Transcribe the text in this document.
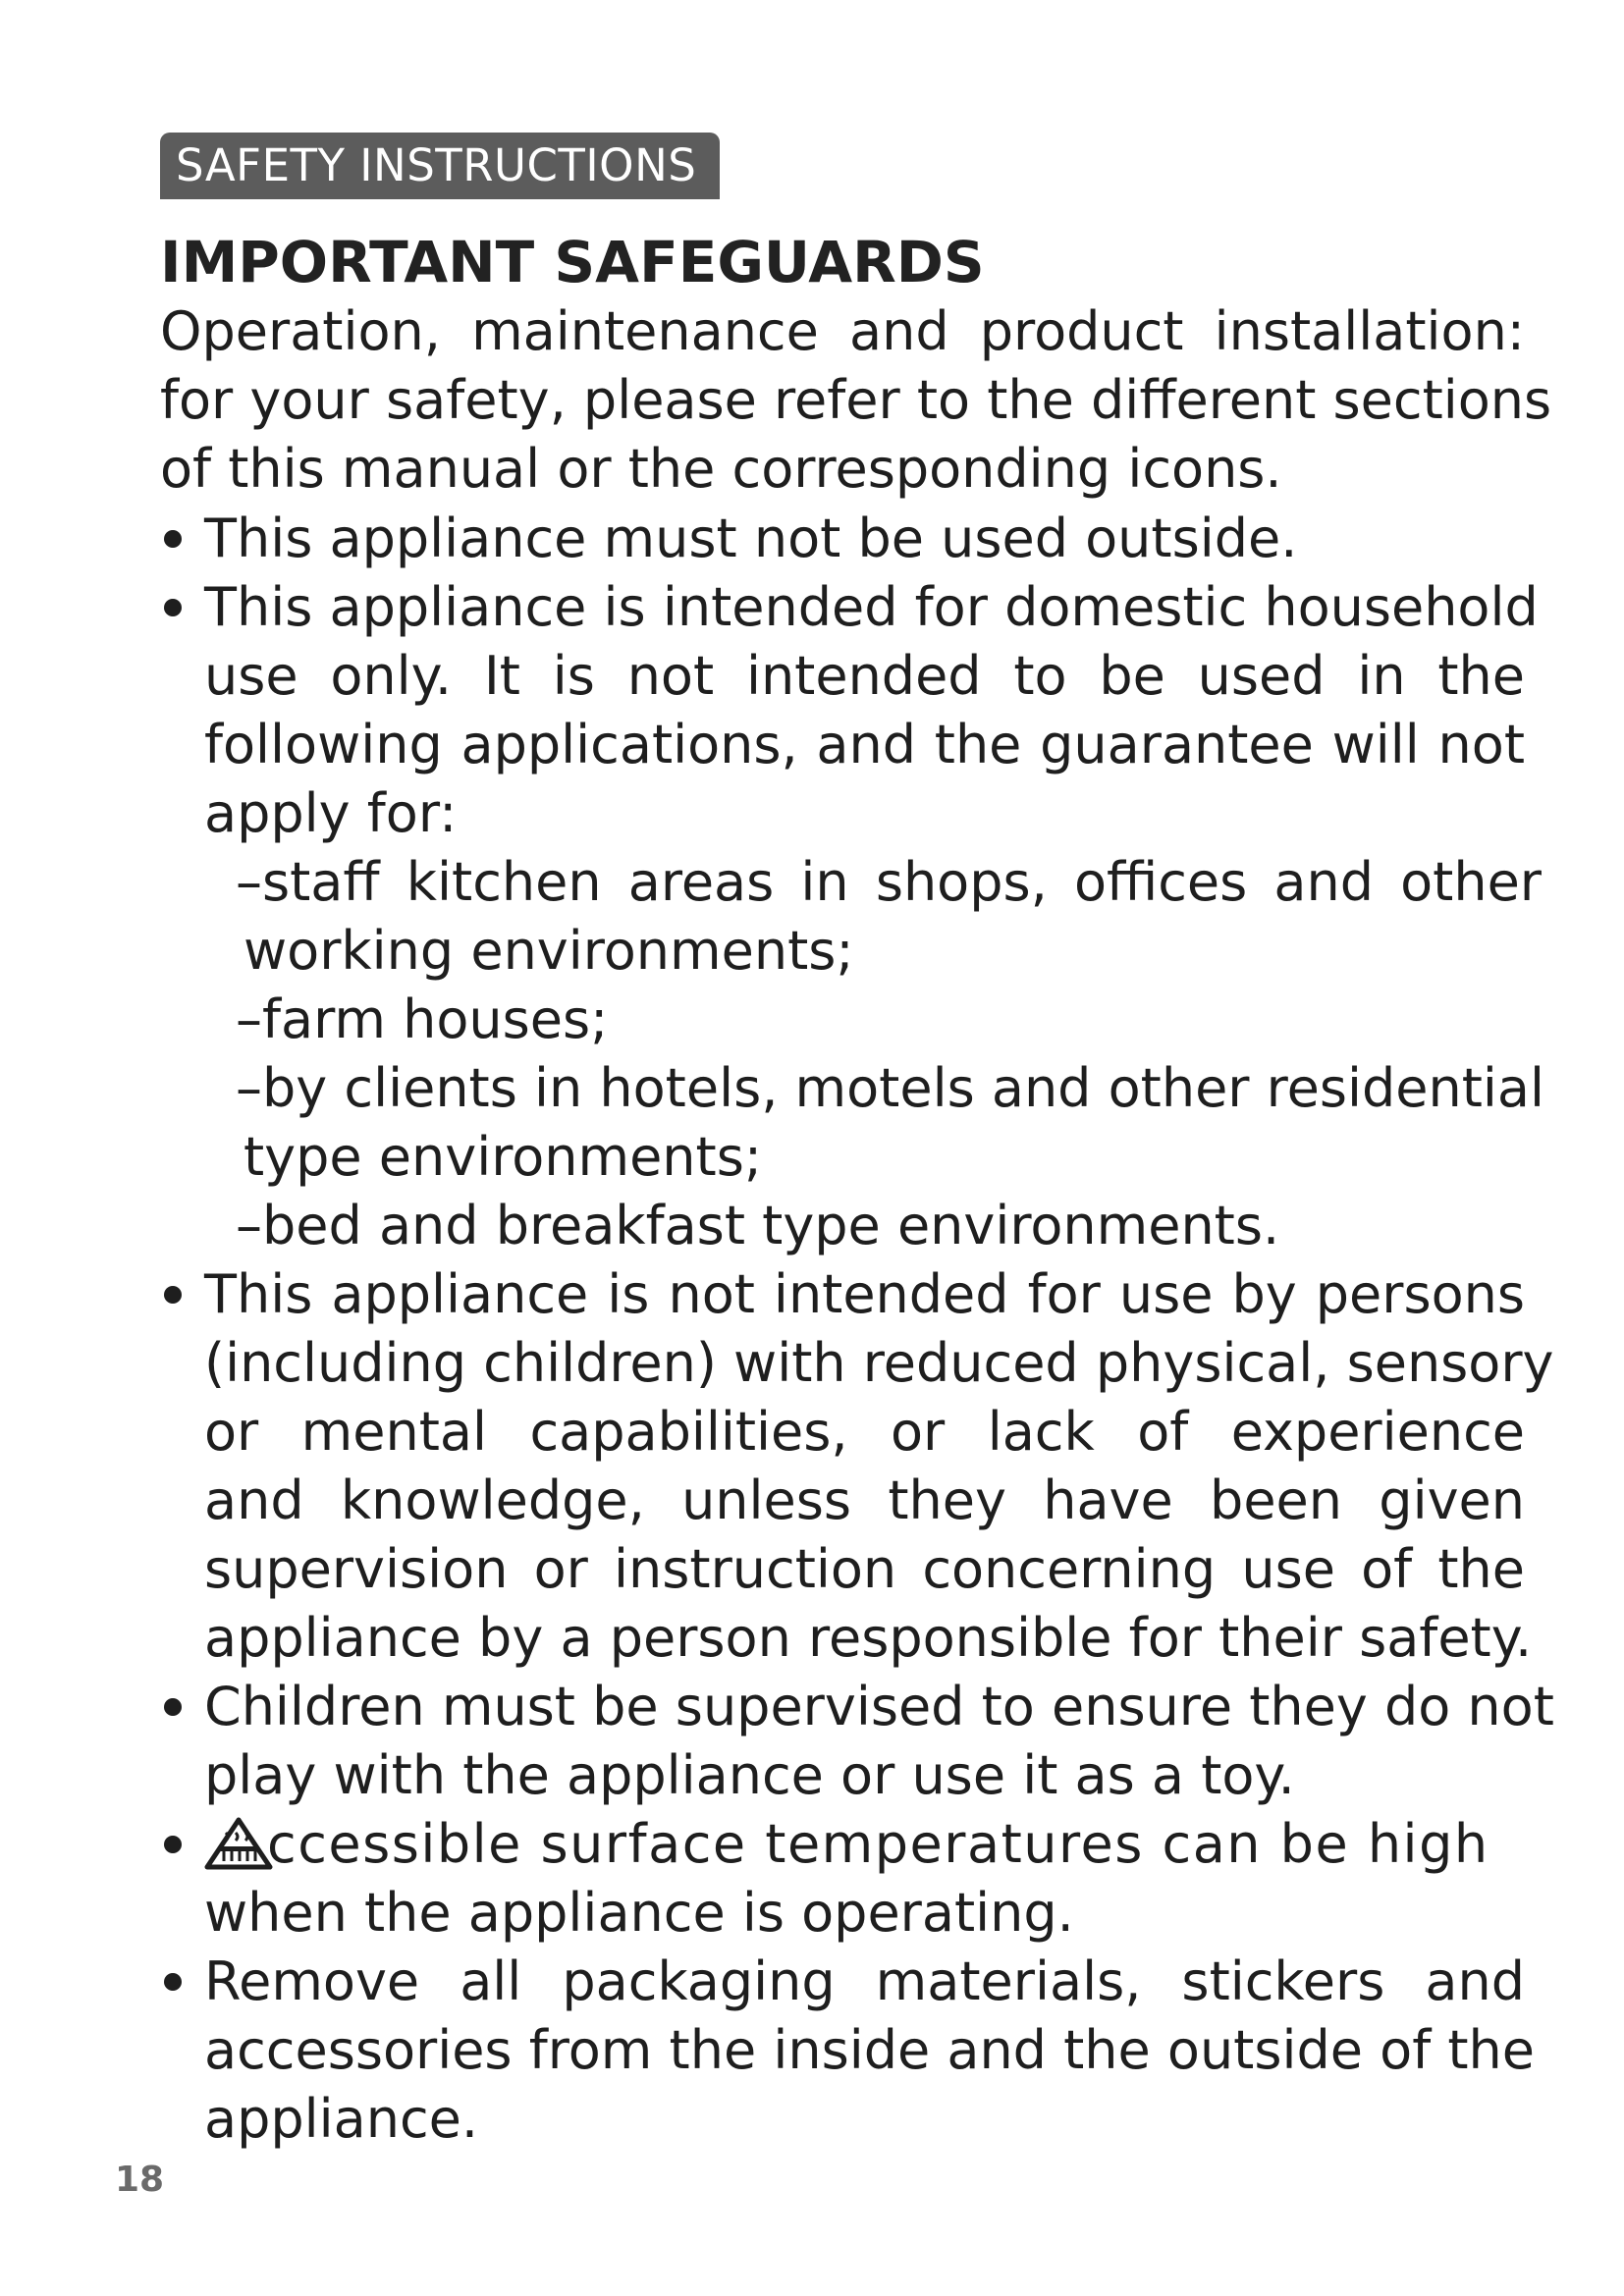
SAFETY INSTRUCTIONS
IMPORTANT SAFEGUARDS
Operation, maintenance and product installation:
for your safety, please refer to the different sections
of this manual or the corresponding icons.
This appliance must not be used outside.
This appliance is intended for domestic household
use only. It is not intended to be used in the
following applications, and the guarantee will not
apply for:
–staff kitchen areas in shops, offices and other
working environments;
–farm houses;
–by clients in hotels, motels and other residential
type environments;
–bed and breakfast type environments.
This appliance is not intended for use by persons
(including children) with reduced physical, sensory
or mental capabilities, or lack of experience
and knowledge, unless they have been given
supervision or instruction concerning use of the
appliance by a person responsible for their safety.
Children must be supervised to ensure they do not
play with the appliance or use it as a toy.
ccessible surface temperatures can be high
when the appliance is operating.
Remove all packaging materials, stickers and
accessories from the inside and the outside of the
appliance.
18
